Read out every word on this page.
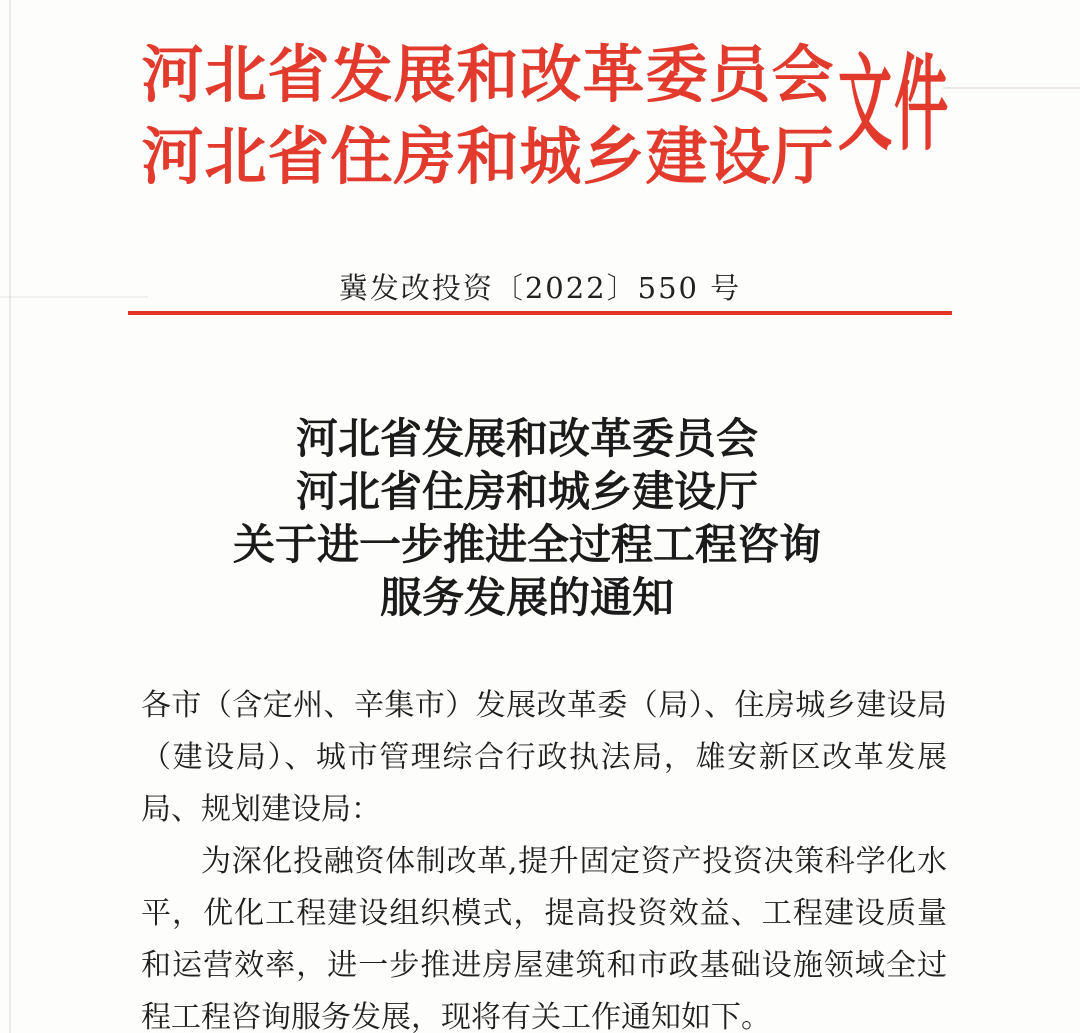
河北省发展和改革委员会
河北省住房和城乡建设厅 文件
冀发改投资〔2022〕550 号
河北省发展和改革委员会
河北省住房和城乡建设厅
关于进一步推进全过程工程咨询
服务发展的通知

各市（含定州、辛集市）发展改革委（局）、住房城乡建设局（建设局）、城市管理综合行政执法局，雄安新区改革发展局、规划建设局：

为深化投融资体制改革,提升固定资产投资决策科学化水平，优化工程建设组织模式，提高投资效益、工程建设质量和运营效率，进一步推进房屋建筑和市政基础设施领域全过程工程咨询服务发展，现将有关工作通知如下。
